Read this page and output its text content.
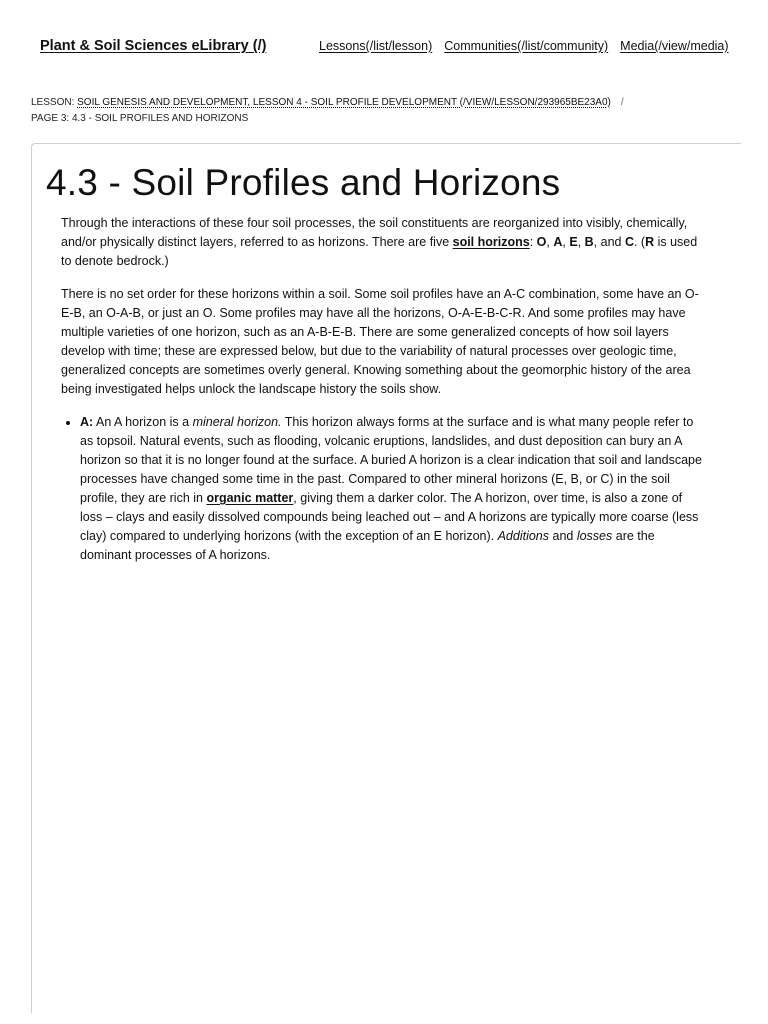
Plant & Soil Sciences eLibrary (/)	Lessons(/list/lesson) Communities(/list/community) Media(/view/media)
LESSON: SOIL GENESIS AND DEVELOPMENT, LESSON 4 - SOIL PROFILE DEVELOPMENT (/VIEW/LESSON/293965BE23A0) /
PAGE 3: 4.3 - SOIL PROFILES AND HORIZONS
4.3 - Soil Profiles and Horizons

Through the interactions of these four soil processes, the soil constituents are reorganized into visibly, chemically, and/or physically distinct layers, referred to as horizons. There are five soil horizons: O, A, E, B, and C. (R is used to denote bedrock.)

There is no set order for these horizons within a soil. Some soil profiles have an A-C combination, some have an O-E-B, an O-A-B, or just an O. Some profiles may have all the horizons, O-A-E-B-C-R. And some profiles may have multiple varieties of one horizon, such as an A-B-E-B. There are some generalized concepts of how soil layers develop with time; these are expressed below, but due to the variability of natural processes over geologic time, generalized concepts are sometimes overly general. Knowing something about the geomorphic history of the area being investigated helps unlock the landscape history the soils show.

• A: An A horizon is a mineral horizon. This horizon always forms at the surface and is what many people refer to as topsoil. Natural events, such as flooding, volcanic eruptions, landslides, and dust deposition can bury an A horizon so that it is no longer found at the surface. A buried A horizon is a clear indication that soil and landscape processes have changed some time in the past. Compared to other mineral horizons (E, B, or C) in the soil profile, they are rich in organic matter, giving them a darker color. The A horizon, over time, is also a zone of loss – clays and easily dissolved compounds being leached out – and A horizons are typically more coarse (less clay) compared to underlying horizons (with the exception of an E horizon). Additions and losses are the dominant processes of A horizons.
